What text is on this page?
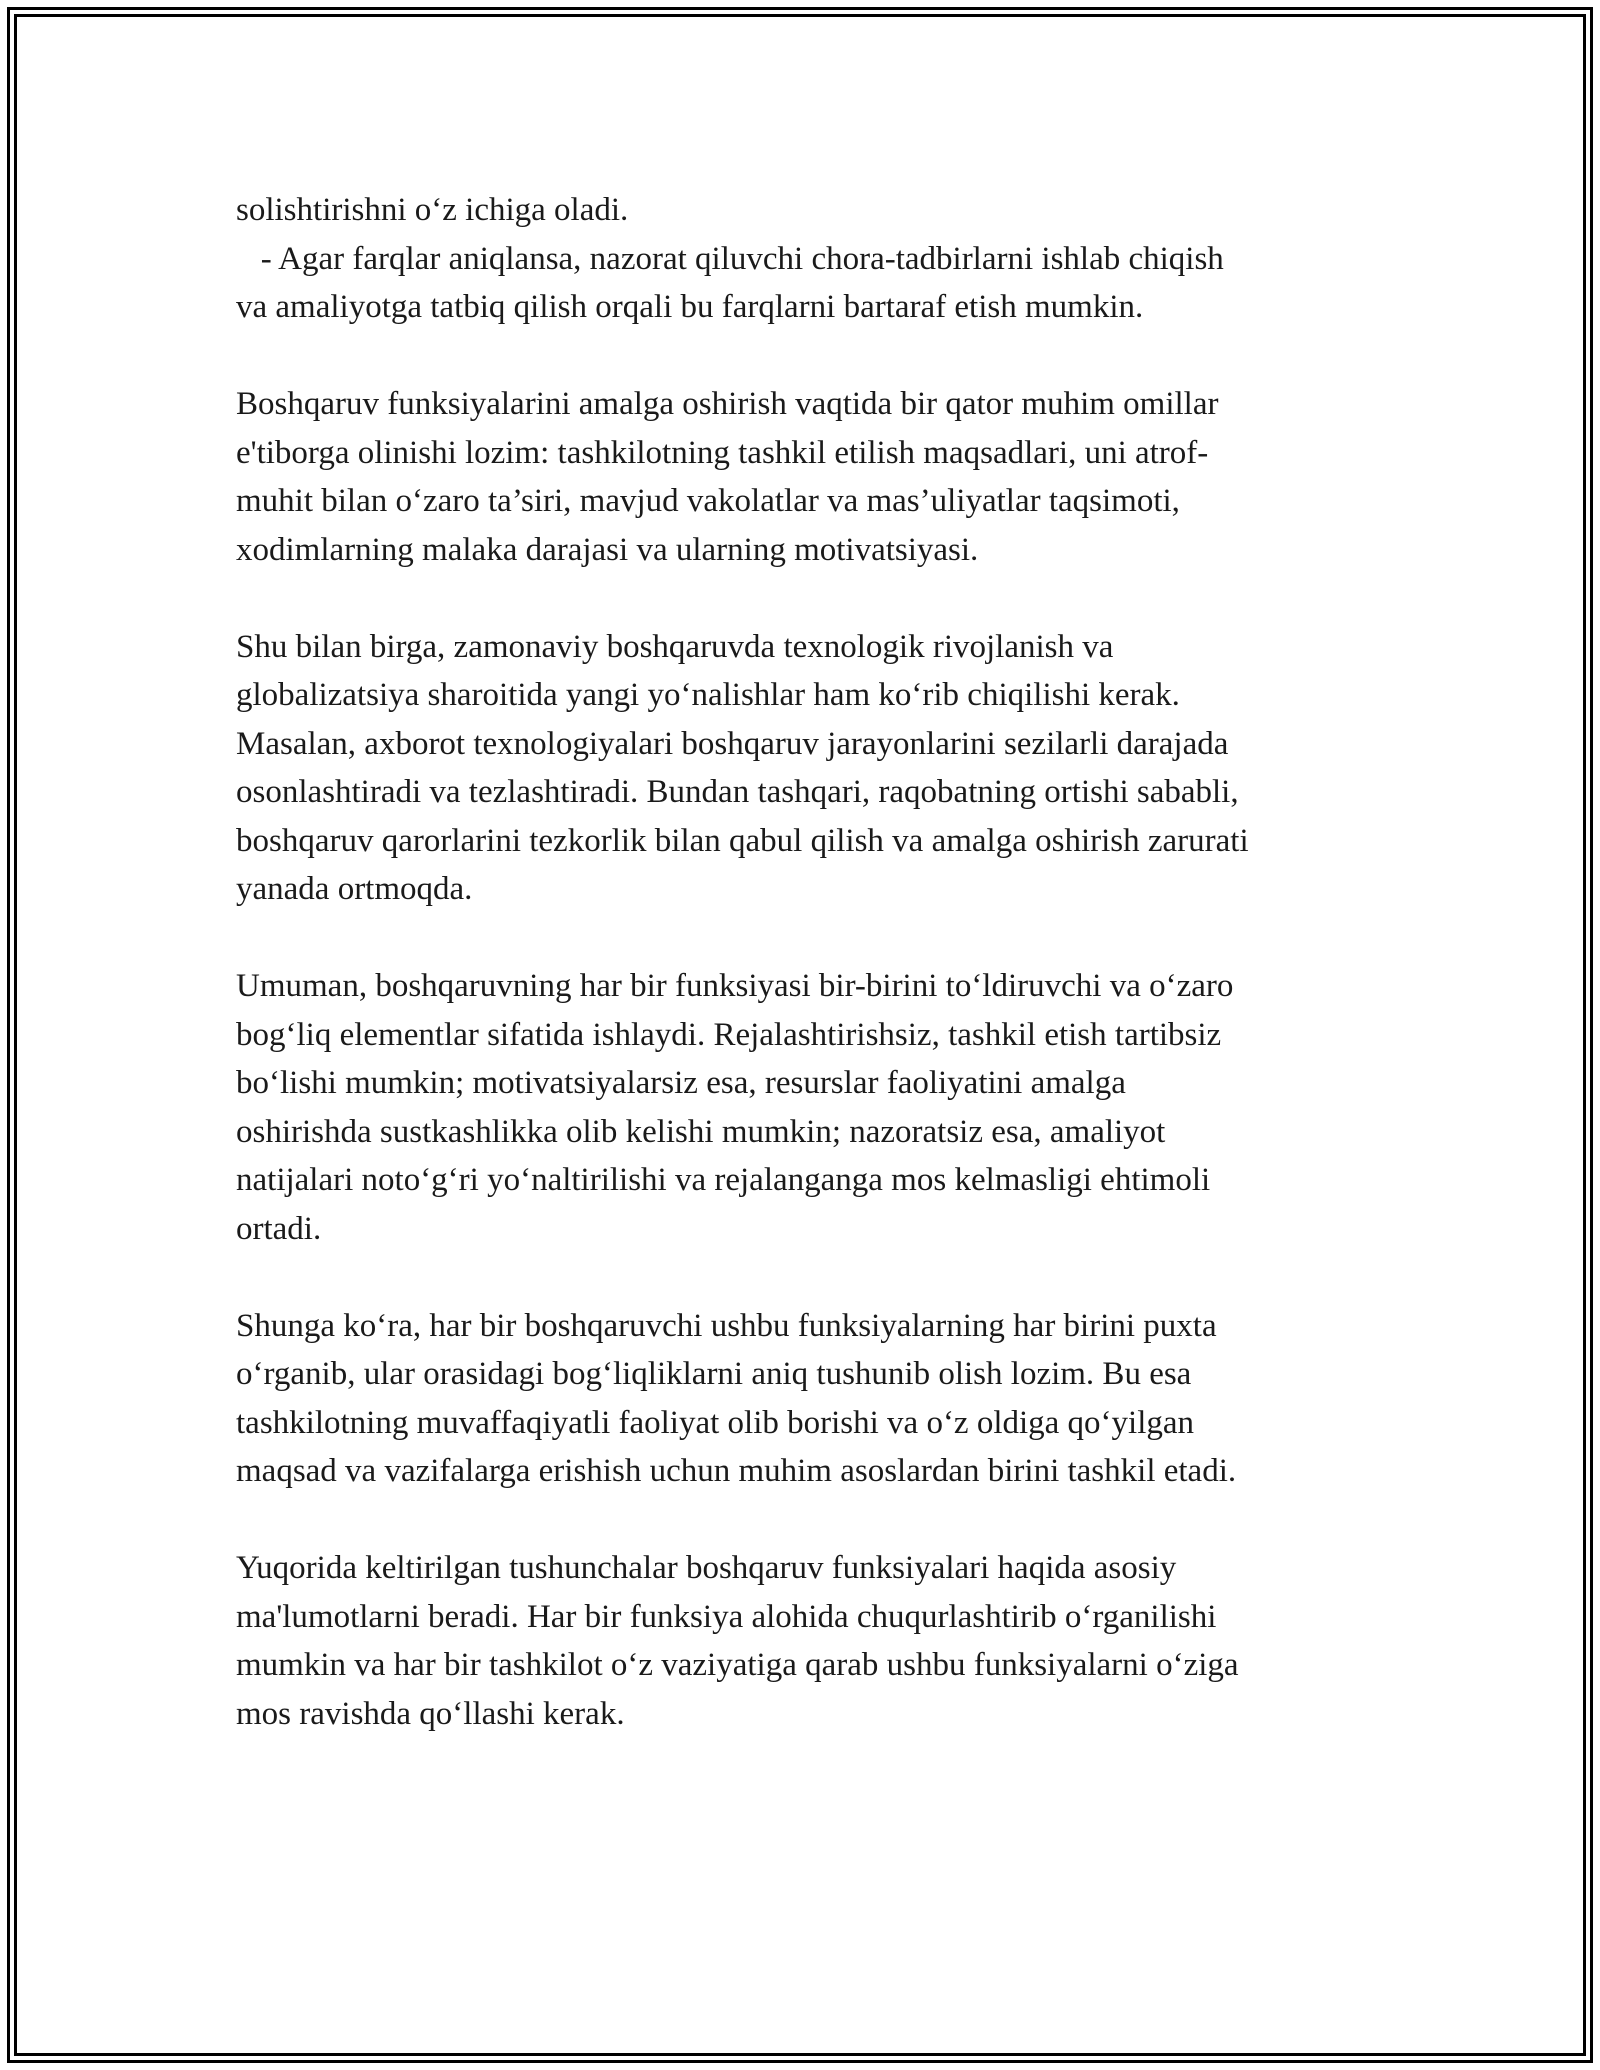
solishtirishni o‘z ichiga oladi.
- Agar farqlar aniqlansa, nazorat qiluvchi chora-tadbirlarni ishlab chiqish
va amaliyotga tatbiq qilish orqali bu farqlarni bartaraf etish mumkin.
Boshqaruv funksiyalarini amalga oshirish vaqtida bir qator muhim omillar
e'tiborga olinishi lozim: tashkilotning tashkil etilish maqsadlari, uni atrof-
muhit bilan o‘zaro ta’siri, mavjud vakolatlar va mas’uliyatlar taqsimoti,
xodimlarning malaka darajasi va ularning motivatsiyasi.
Shu bilan birga, zamonaviy boshqaruvda texnologik rivojlanish va
globalizatsiya sharoitida yangi yo‘nalishlar ham ko‘rib chiqilishi kerak.
Masalan, axborot texnologiyalari boshqaruv jarayonlarini sezilarli darajada
osonlashtiradi va tezlashtiradi. Bundan tashqari, raqobatning ortishi sababli,
boshqaruv qarorlarini tezkorlik bilan qabul qilish va amalga oshirish zarurati
yanada ortmoqda.
Umuman, boshqaruvning har bir funksiyasi bir-birini to‘ldiruvchi va o‘zaro
bog‘liq elementlar sifatida ishlaydi. Rejalashtirishsiz, tashkil etish tartibsiz
bo‘lishi mumkin; motivatsiyalarsiz esa, resurslar faoliyatini amalga
oshirishda sustkashlikka olib kelishi mumkin; nazoratsiz esa, amaliyot
natijalari noto‘g‘ri yo‘naltirilishi va rejalanganga mos kelmasligi ehtimoli
ortadi.
Shunga ko‘ra, har bir boshqaruvchi ushbu funksiyalarning har birini puxta
o‘rganib, ular orasidagi bog‘liqliklarni aniq tushunib olish lozim. Bu esa
tashkilotning muvaffaqiyatli faoliyat olib borishi va o‘z oldiga qo‘yilgan
maqsad va vazifalarga erishish uchun muhim asoslardan birini tashkil etadi.
Yuqorida keltirilgan tushunchalar boshqaruv funksiyalari haqida asosiy
ma'lumotlarni beradi. Har bir funksiya alohida chuqurlashtirib o‘rganilishi
mumkin va har bir tashkilot o‘z vaziyatiga qarab ushbu funksiyalarni o‘ziga
mos ravishda qo‘llashi kerak.
